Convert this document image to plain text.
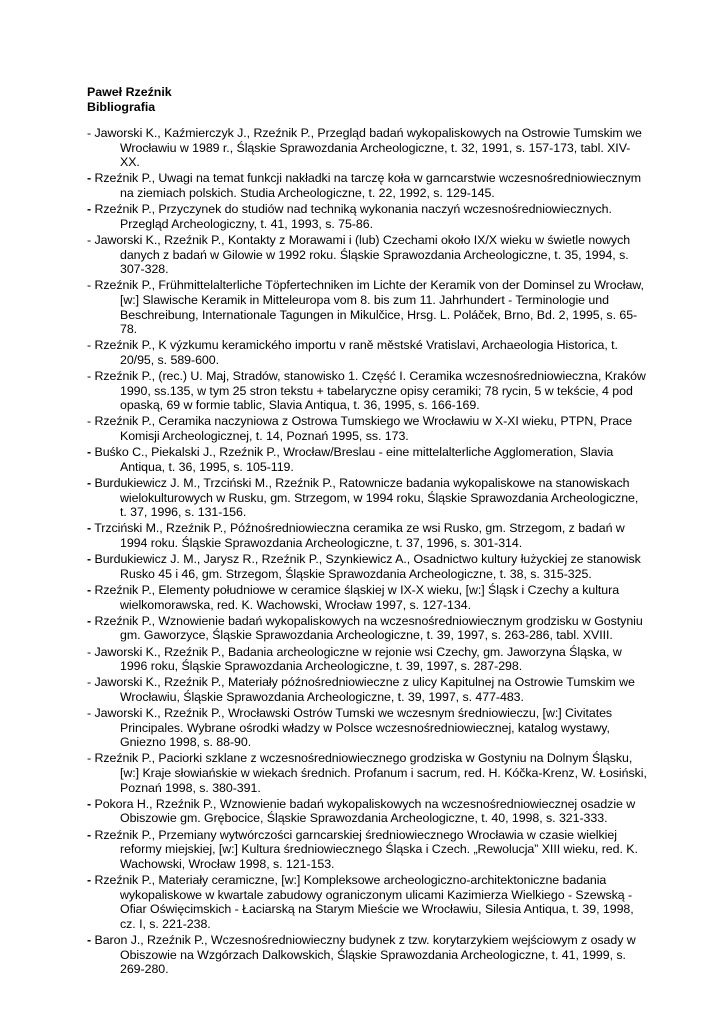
Paweł Rzeźnik

Bibliografia

- Jaworski K., Kaźmierczyk J., Rzeźnik P., Przegląd badań wykopaliskowych na Ostrowie Tumskim we Wrocławiu w 1989 r., Śląskie Sprawozdania Archeologiczne, t. 32, 1991, s. 157-173, tabl. XIV-XX.
- Rzeźnik P., Uwagi na temat funkcji nakładki na tarczę koła w garncarstwie wczesnośredniowiecznym na ziemiach polskich. Studia Archeologiczne, t. 22, 1992, s. 129-145.
- Rzeźnik P., Przyczynek do studiów nad techniką wykonania naczyń wczesnośredniowiecznych. Przegląd Archeologiczny, t. 41, 1993, s. 75-86.
- Jaworski K., Rzeźnik P., Kontakty z Morawami i (lub) Czechami około IX/X wieku w świetle nowych danych z badań w Gilowie w 1992 roku. Śląskie Sprawozdania Archeologiczne, t. 35, 1994, s. 307-328.
- Rzeźnik P., Frühmittelalterliche Töpfertechniken im Lichte der Keramik von der Dominsel zu Wrocław, [w:] Slawische Keramik in Mitteleuropa vom 8. bis zum 11. Jahrhundert - Terminologie und Beschreibung, Internationale Tagungen in Mikulčice, Hrsg. L. Poláček, Brno, Bd. 2, 1995, s. 65-78.
- Rzeźnik P., K výzkumu keramického importu v raně městské Vratislavi, Archaeologia Historica, t. 20/95, s. 589-600.
- Rzeźnik P., (rec.) U. Maj, Stradów, stanowisko 1. Część I. Ceramika wczesnośredniowieczna, Kraków 1990, ss.135, w tym 25 stron tekstu + tabelaryczne opisy ceramiki; 78 rycin, 5 w tekście, 4 pod opaską, 69 w formie tablic, Slavia Antiqua, t. 36, 1995, s. 166-169.
- Rzeźnik P., Ceramika naczyniowa z Ostrowa Tumskiego we Wrocławiu w X-XI wieku, PTPN, Prace Komisji Archeologicznej, t. 14, Poznań 1995, ss. 173.
- Buśko C., Piekalski J., Rzeźnik P., Wrocław/Breslau - eine mittelalterliche Agglomeration, Slavia Antiqua, t. 36, 1995, s. 105-119.
- Burdukiewicz J. M., Trzciński M., Rzeźnik P., Ratownicze badania wykopaliskowe na stanowiskach wielokulturowych w Rusku, gm. Strzegom, w 1994 roku, Śląskie Sprawozdania Archeologiczne, t. 37, 1996, s. 131-156.
- Trzciński M., Rzeźnik P., Późnośredniowieczna ceramika ze wsi Rusko, gm. Strzegom, z badań w 1994 roku. Śląskie Sprawozdania Archeologiczne, t. 37, 1996, s. 301-314.
- Burdukiewicz J. M., Jarysz R., Rzeźnik P., Szynkiewicz A., Osadnictwo kultury łużyckiej ze stanowisk Rusko 45 i 46, gm. Strzegom, Śląskie Sprawozdania Archeologiczne, t. 38, s. 315-325.
- Rzeźnik P., Elementy południowe w ceramice śląskiej w IX-X wieku, [w:] Śląsk i Czechy a kultura wielkomorawska, red. K. Wachowski, Wrocław 1997, s. 127-134.
- Rzeźnik P., Wznowienie badań wykopaliskowych na wczesnośredniowiecznym grodzisku w Gostyniu gm. Gaworzyce, Śląskie Sprawozdania Archeologiczne, t. 39, 1997, s. 263-286, tabl. XVIII.
- Jaworski K., Rzeźnik P., Badania archeologiczne w rejonie wsi Czechy, gm. Jaworzyna Śląska, w 1996 roku, Śląskie Sprawozdania Archeologiczne, t. 39, 1997, s. 287-298.
- Jaworski K., Rzeźnik P., Materiały późnośredniowieczne z ulicy Kapitulnej na Ostrowie Tumskim we Wrocławiu, Śląskie Sprawozdania Archeologiczne, t. 39, 1997, s. 477-483.
- Jaworski K., Rzeźnik P., Wrocławski Ostrów Tumski we wczesnym średniowieczu, [w:] Civitates Principales. Wybrane ośrodki władzy w Polsce wczesnośredniowiecznej, katalog wystawy, Gniezno 1998, s. 88-90.
- Rzeźnik P., Paciorki szklane z wczesnośredniowiecznego grodziska w Gostyniu na Dolnym Śląsku, [w:] Kraje słowiańskie w wiekach średnich. Profanum i sacrum, red. H. Kóčka-Krenz, W. Łosiński, Poznań 1998, s. 380-391.
- Pokora H., Rzeźnik P., Wznowienie badań wykopaliskowych na wczesnośredniowiecznej osadzie w Obiszowie gm. Grębocice, Śląskie Sprawozdania Archeologiczne, t. 40, 1998, s. 321-333.
- Rzeźnik P., Przemiany wytwórczości garncarskiej średniowiecznego Wrocławia w czasie wielkiej reformy miejskiej, [w:] Kultura średniowiecznego Śląska i Czech. „Rewolucja” XIII wieku, red. K. Wachowski, Wrocław 1998, s. 121-153.
- Rzeźnik P., Materiały ceramiczne, [w:] Kompleksowe archeologiczno-architektoniczne badania wykopaliskowe w kwartale zabudowy ograniczonym ulicami Kazimierza Wielkiego - Szewską - Ofiar Oświęcimskich - Łaciarską na Starym Mieście we Wrocławiu, Silesia Antiqua, t. 39, 1998, cz. I, s. 221-238.
- Baron J., Rzeźnik P., Wczesnośredniowieczny budynek z tzw. korytarzykiem wejściowym z osady w Obiszowie na Wzgórzach Dalkowskich, Śląskie Sprawozdania Archeologiczne, t. 41, 1999, s. 269-280.
